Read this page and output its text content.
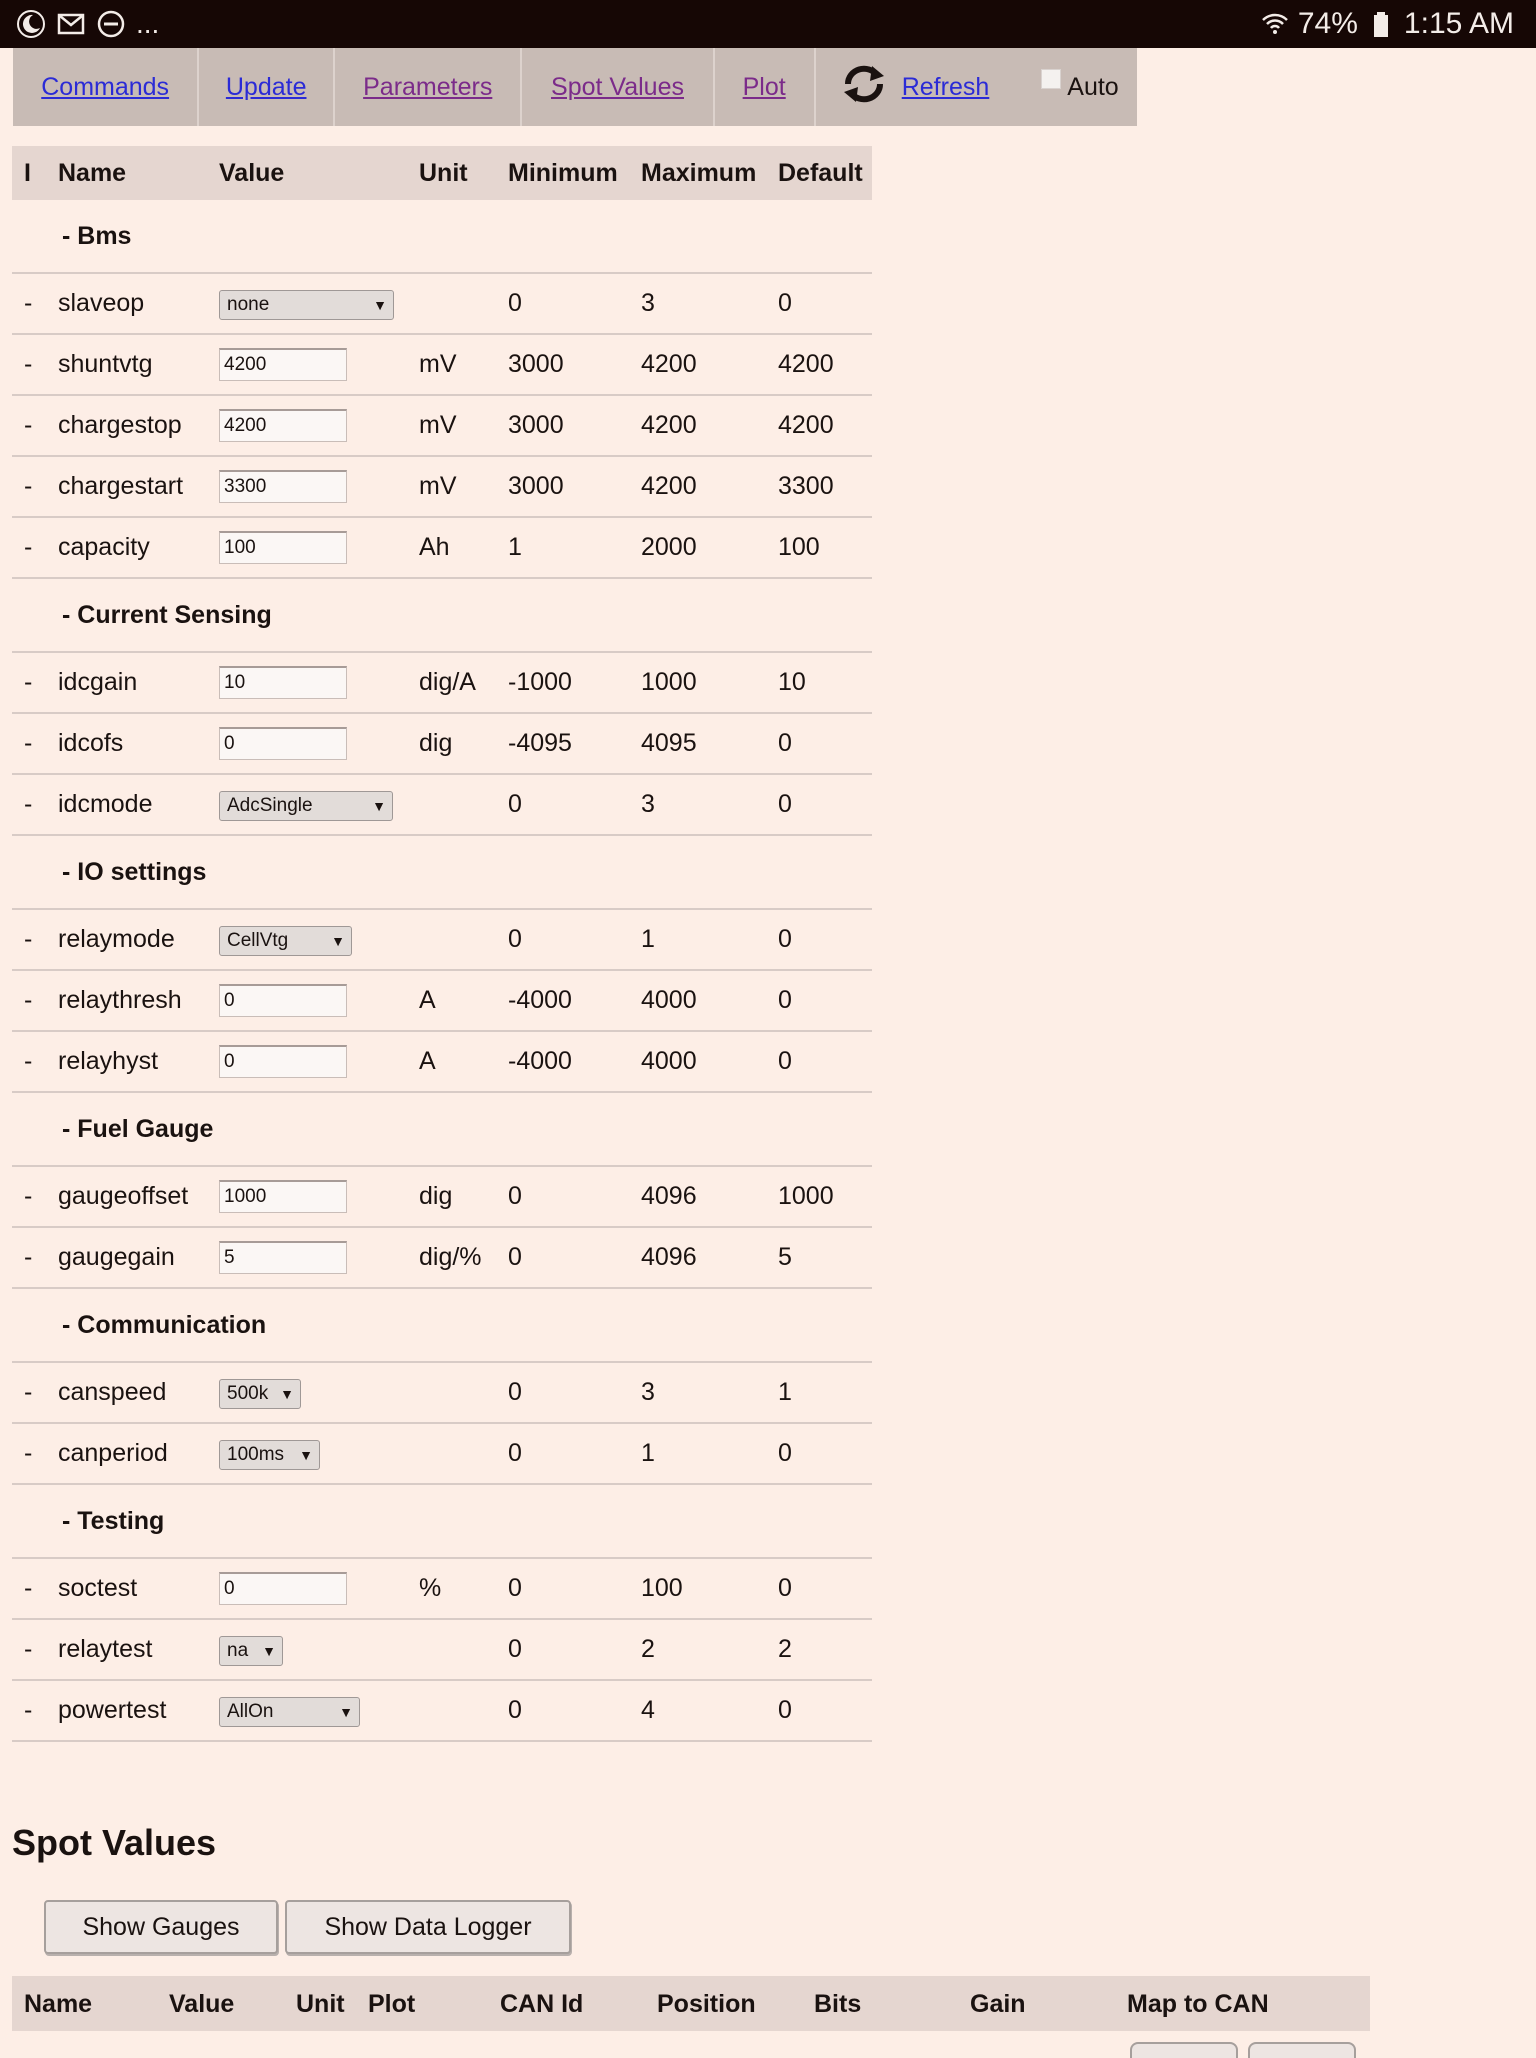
...	74% 1:15 AM
Commands Update Parameters Spot Values Plot	Refresh	Auto
I	Name	Value	Unit	Minimum	Maximum	Default
- Bms						
-	slaveop	none ▼		0	3	0
-	shuntvtg	4200	mV	3000	4200	4200
-	chargestop	4200	mV	3000	4200	4200
-	chargestart	3300	mV	3000	4200	3300
-	capacity	100	Ah	1	2000	100
- Current Sensing						
-	idcgain	10	dig/A	-1000	1000	10
-	idcofs	0	dig	-4095	4095	0
-	idcmode	AdcSingle ▼		0	3	0
- IO settings						
-	relaymode	CellVtg ▼		0	1	0
-	relaythresh	0	A	-4000	4000	0
-	relayhyst	0	A	-4000	4000	0
- Fuel Gauge						
-	gaugeoffset	1000	dig	0	4096	1000
-	gaugegain	5	dig/%	0	4096	5
- Communication						
-	canspeed	500k ▼		0	3	1
-	canperiod	100ms ▼		0	1	0
- Testing						
-	soctest	0	%	0	100	0
-	relaytest	na ▼		0	2	2
-	powertest	AllOn ▼		0	4	0
Spot Values
Show Gauges	Show Data Logger
Name	Value Unit Plot	CAN Id	Position Bits	Gain	Map to CAN
